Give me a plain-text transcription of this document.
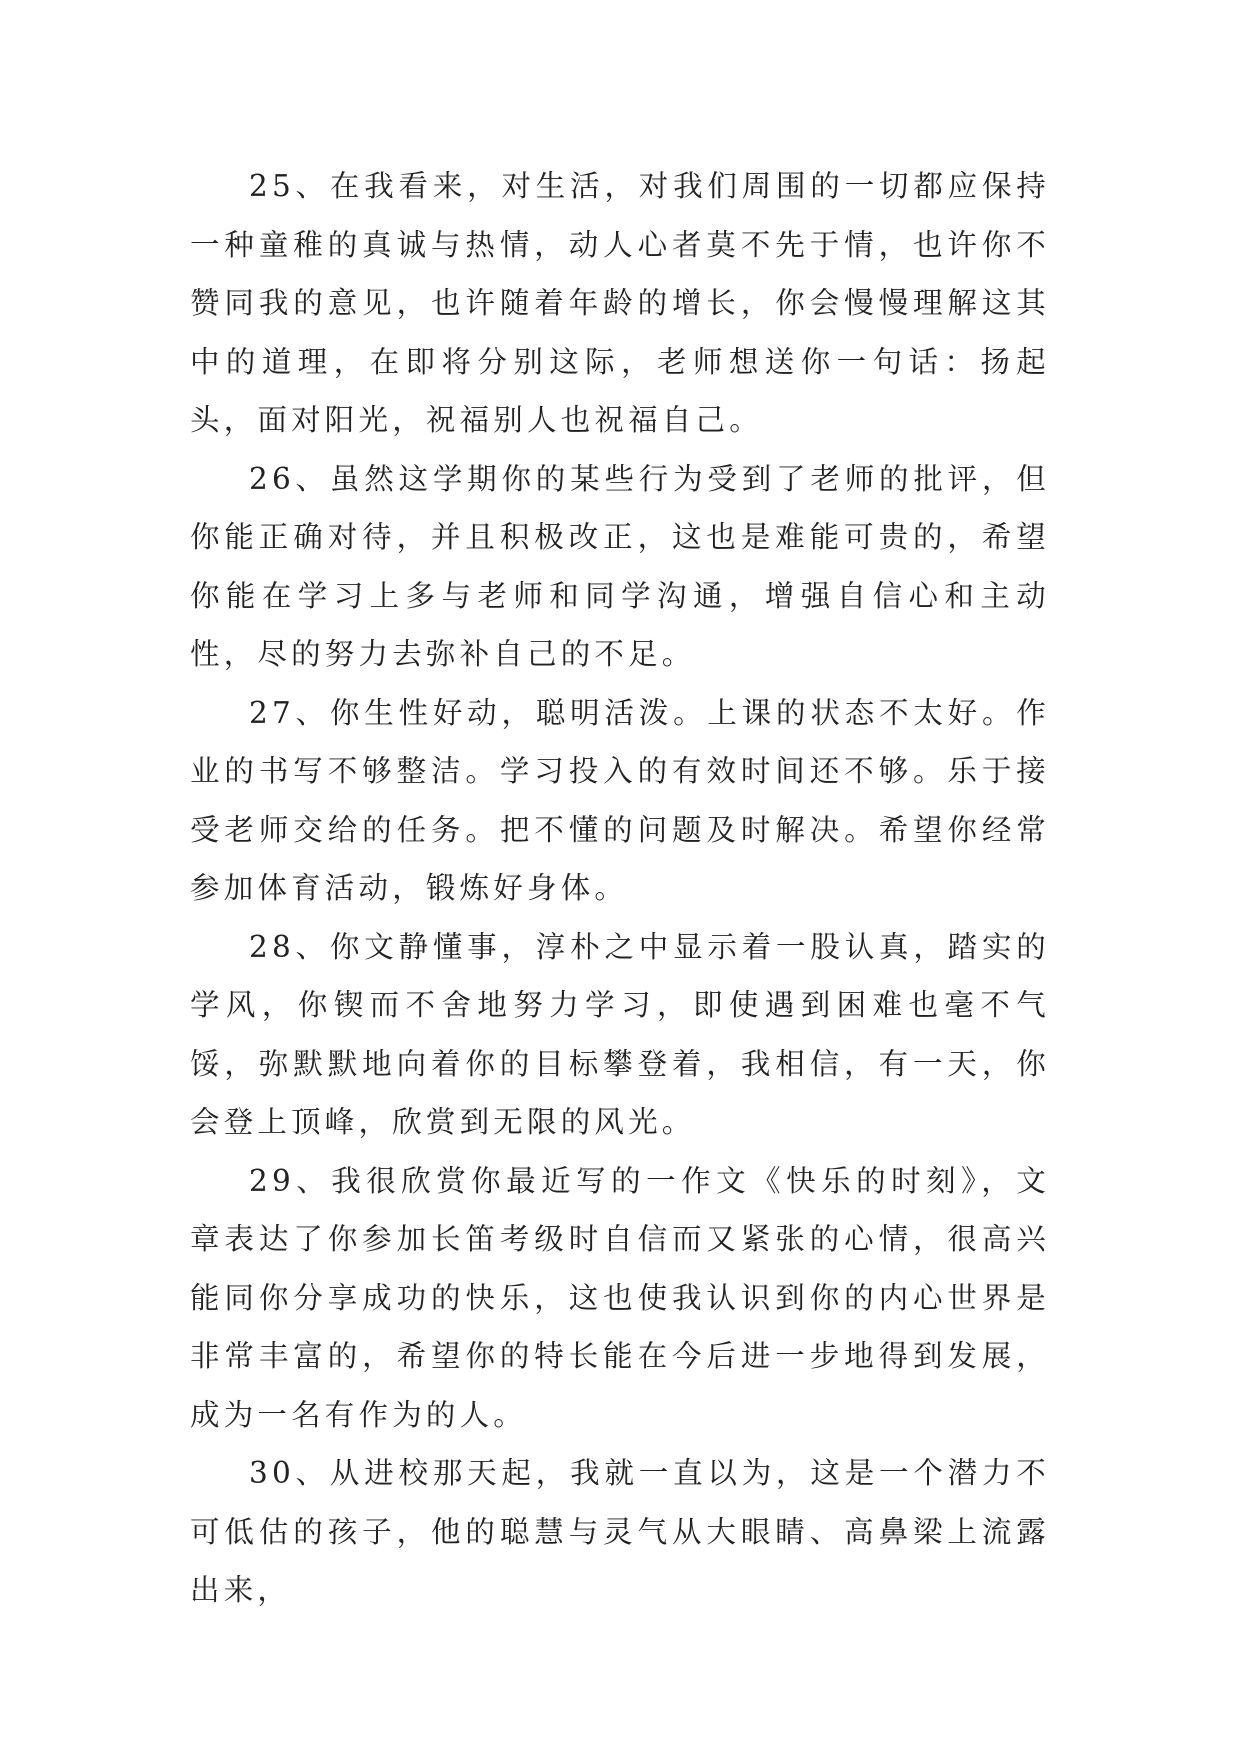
25、在我看来，对生活，对我们周围的一切都应保持一种童稚的真诚与热情，动人心者莫不先于情，也许你不赞同我的意见，也许随着年龄的增长，你会慢慢理解这其中的道理，在即将分别这际，老师想送你一句话：扬起头，面对阳光，祝福别人也祝福自己。

26、虽然这学期你的某些行为受到了老师的批评，但你能正确对待，并且积极改正，这也是难能可贵的，希望你能在学习上多与老师和同学沟通，增强自信心和主动性，尽的努力去弥补自己的不足。

27、你生性好动，聪明活泼。上课的状态不太好。作业的书写不够整洁。学习投入的有效时间还不够。乐于接受老师交给的任务。把不懂的问题及时解决。希望你经常参加体育活动，锻炼好身体。

28、你文静懂事，淳朴之中显示着一股认真，踏实的学风，你锲而不舍地努力学习，即使遇到困难也毫不气馁，弥默默地向着你的目标攀登着，我相信，有一天，你会登上顶峰，欣赏到无限的风光。

29、我很欣赏你最近写的一作文《快乐的时刻》，文章表达了你参加长笛考级时自信而又紧张的心情，很高兴能同你分享成功的快乐，这也使我认识到你的内心世界是非常丰富的，希望你的特长能在今后进一步地得到发展，成为一名有作为的人。

30、从进校那天起，我就一直以为，这是一个潜力不可低估的孩子，他的聪慧与灵气从大眼睛、高鼻梁上流露出来，
